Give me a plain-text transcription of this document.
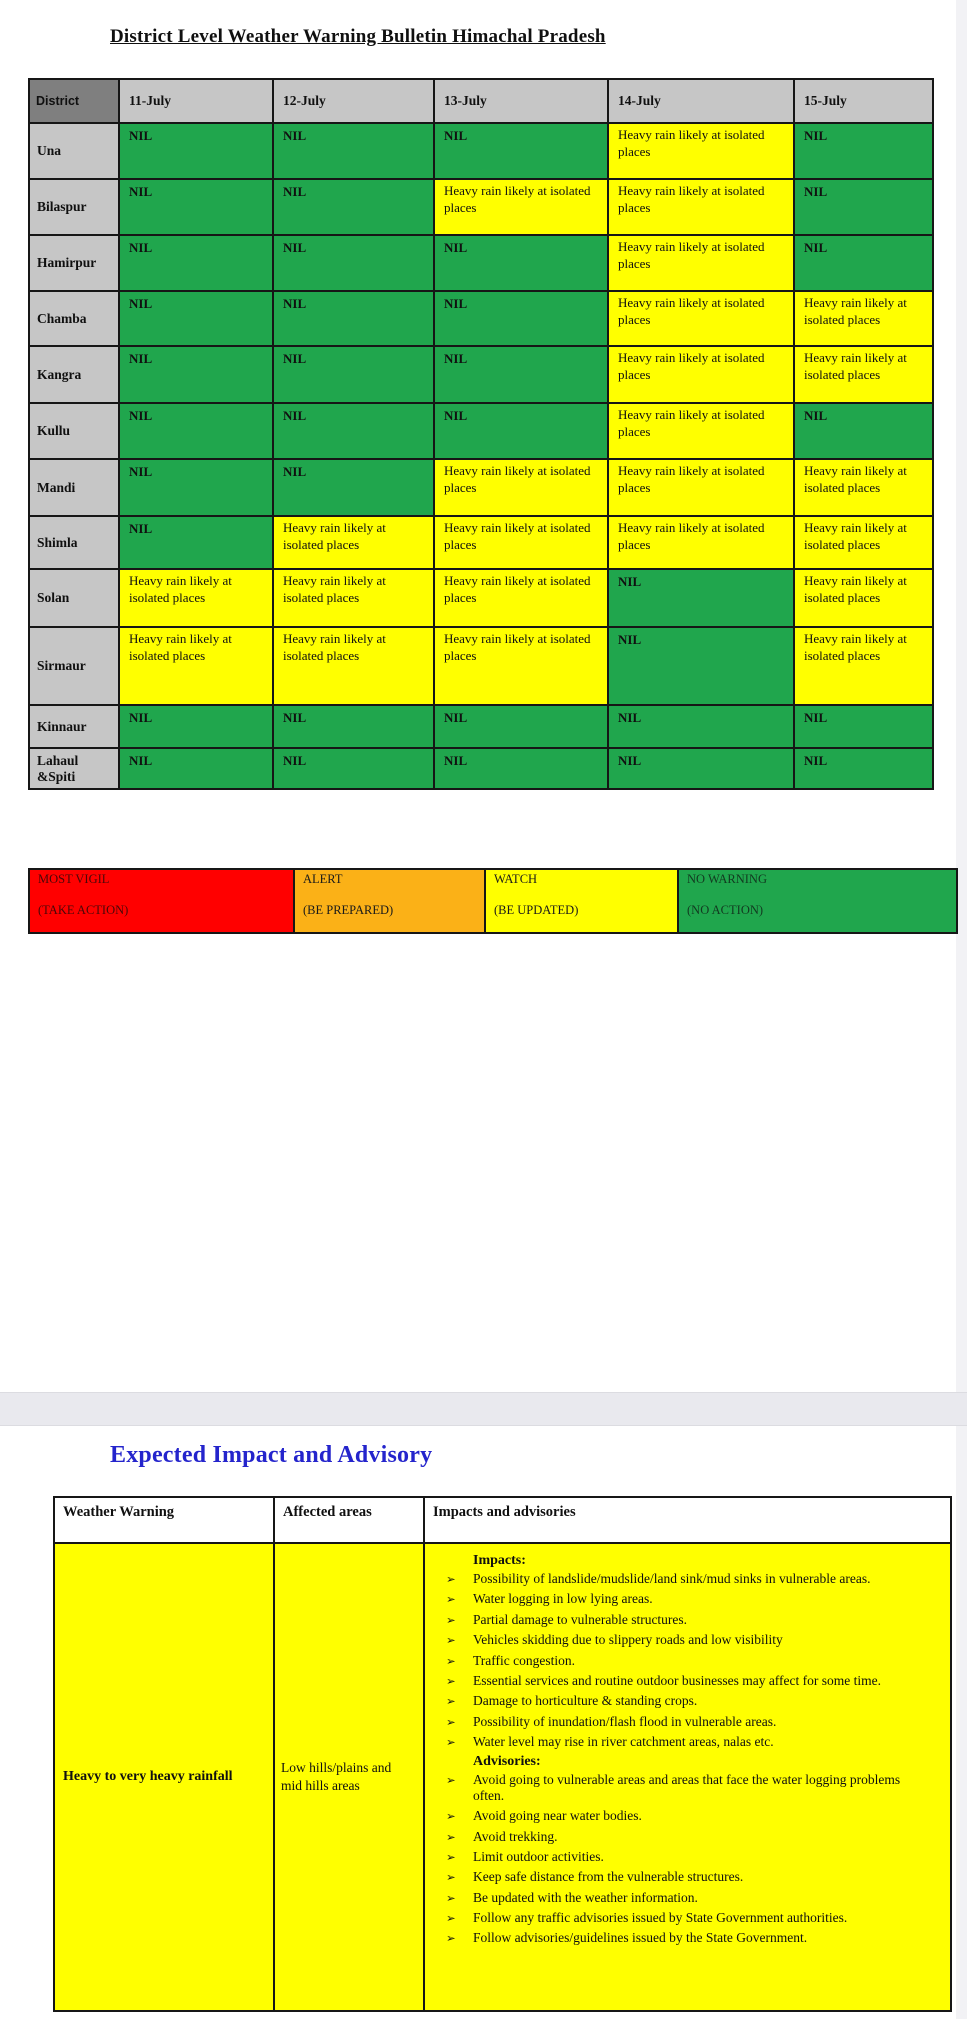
District Level Weather Warning Bulletin Himachal Pradesh
District	11-July	12-July	13-July	14-July	15-July
Una	NIL	NIL	NIL	Heavy rain likely at isolated places	NIL
Bilaspur	NIL	NIL	Heavy rain likely at isolated places	Heavy rain likely at isolated places	NIL
Hamirpur	NIL	NIL	NIL	Heavy rain likely at isolated places	NIL
Chamba	NIL	NIL	NIL	Heavy rain likely at isolated places	Heavy rain likely at isolated places
Kangra	NIL	NIL	NIL	Heavy rain likely at isolated places	Heavy rain likely at isolated places
Kullu	NIL	NIL	NIL	Heavy rain likely at isolated places	NIL
Mandi	NIL	NIL	Heavy rain likely at isolated places	Heavy rain likely at isolated places	Heavy rain likely at isolated places
Shimla	NIL	Heavy rain likely at isolated places	Heavy rain likely at isolated places	Heavy rain likely at isolated places	Heavy rain likely at isolated places
Solan	Heavy rain likely at isolated places	Heavy rain likely at isolated places	Heavy rain likely at isolated places	NIL	Heavy rain likely at isolated places
Sirmaur	Heavy rain likely at isolated places	Heavy rain likely at isolated places	Heavy rain likely at isolated places	NIL	Heavy rain likely at isolated places
Kinnaur	NIL	NIL	NIL	NIL	NIL
Lahaul &Spiti	NIL	NIL	NIL	NIL	NIL
MOST VIGIL
(TAKE ACTION)

ALERT
(BE PREPARED)

WATCH
(BE UPDATED)

NO WARNING
(NO ACTION)
Expected Impact and Advisory
Weather Warning	Affected areas	Impacts and advisories
Heavy to very heavy rainfall	Low hills/plains and mid hills areas	
Impacts:
➢	Possibility of landslide/mudslide/land sink/mud sinks in vulnerable areas.
➢	Water logging in low lying areas.
➢	Partial damage to vulnerable structures.
➢	Vehicles skidding due to slippery roads and low visibility
➢	Traffic congestion.
➢	Essential services and routine outdoor businesses may affect for some time.
➢	Damage to horticulture & standing crops.
➢	Possibility of inundation/flash flood in vulnerable areas.
➢	Water level may rise in river catchment areas, nalas etc.
Advisories:
➢	Avoid going to vulnerable areas and areas that face the water logging problems often.
➢	Avoid going near water bodies.
➢	Avoid trekking.
➢	Limit outdoor activities.
➢	Keep safe distance from the vulnerable structures.
➢	Be updated with the weather information.
➢	Follow any traffic advisories issued by State Government authorities.
➢	Follow advisories/guidelines issued by the State Government.
